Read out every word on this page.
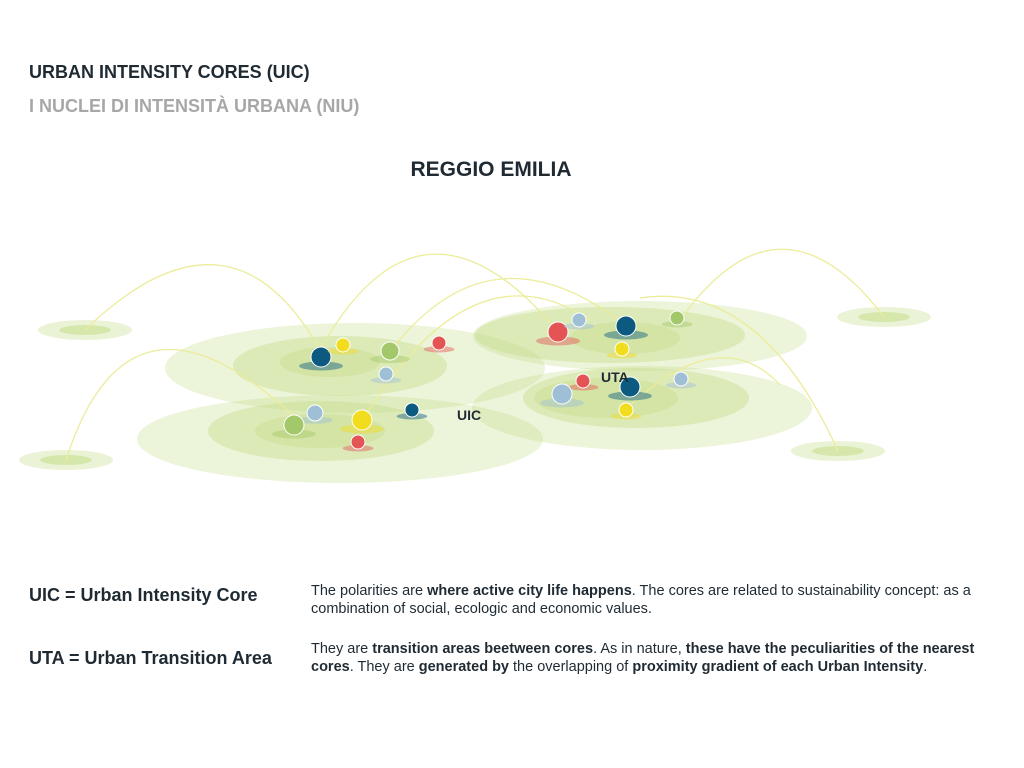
URBAN INTENSITY CORES (UIC)
I NUCLEI DI INTENSITÀ URBANA (NIU)
REGGIO EMILIA
UTA
UIC
UIC = Urban Intensity Core	The polarities are where active city life happens. The cores are related to sustainability concept: as a combination of social, ecologic and economic values.
UTA = Urban Transition Area	They are transition areas beetween cores. As in nature, these have the peculiarities of the nearest cores. They are generated by the overlapping of proximity gradient of each Urban Intensity.
